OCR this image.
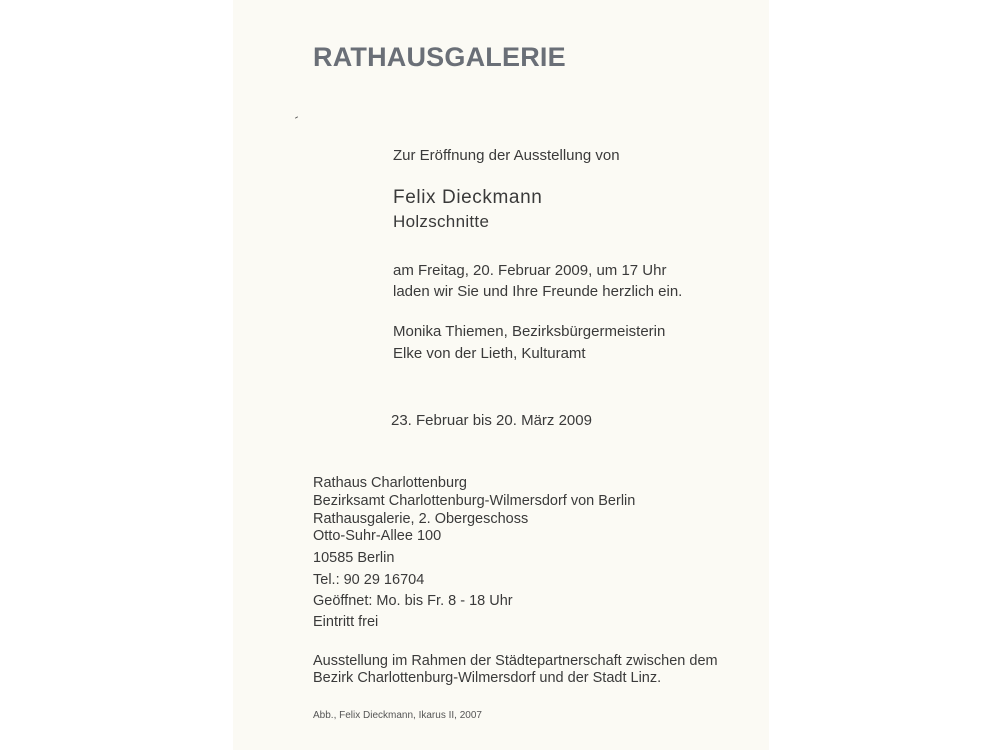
RATHAUSGALERIE
Zur Eröffnung der Ausstellung von
Felix Dieckmann
Holzschnitte
am Freitag, 20. Februar 2009, um 17 Uhr
laden wir Sie und Ihre Freunde herzlich ein.
Monika Thiemen, Bezirksbürgermeisterin
Elke von der Lieth, Kulturamt
23. Februar bis 20. März 2009
Rathaus Charlottenburg
Bezirksamt Charlottenburg-Wilmersdorf von Berlin
Rathausgalerie, 2. Obergeschoss
Otto-Suhr-Allee 100
10585 Berlin
Tel.: 90 29 16704
Geöffnet: Mo. bis Fr. 8 - 18 Uhr
Eintritt frei
Ausstellung im Rahmen der Städtepartnerschaft zwischen dem
Bezirk Charlottenburg-Wilmersdorf und der Stadt Linz.
Abb., Felix Dieckmann, Ikarus II, 2007
